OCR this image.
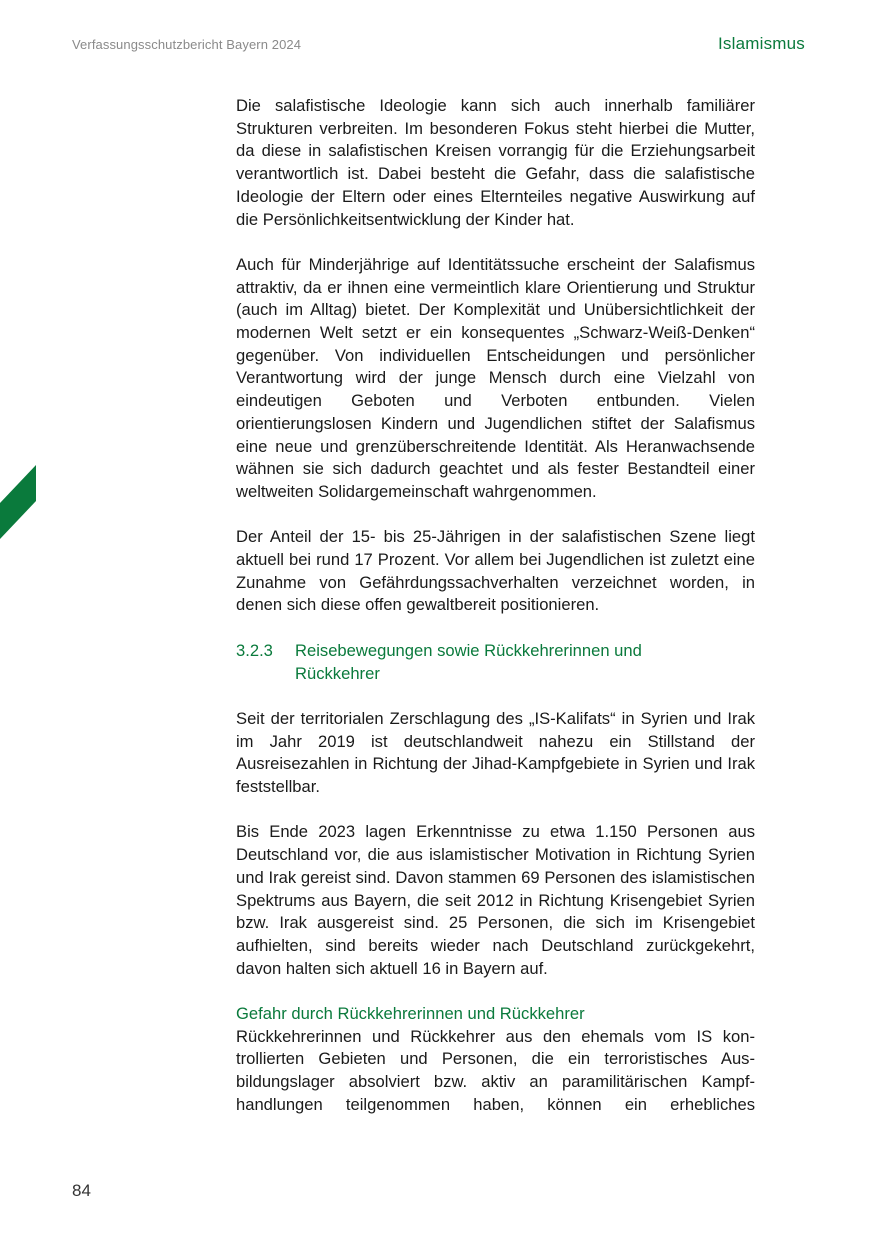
Verfassungsschutzbericht Bayern 2024	Islamismus

Die salafistische Ideologie kann sich auch innerhalb familiärer Strukturen verbreiten. Im besonderen Fokus steht hierbei die Mutter, da diese in salafistischen Kreisen vorrangig für die Erziehungsarbeit verantwortlich ist. Dabei besteht die Gefahr, dass die salafistische Ideologie der Eltern oder eines Elternteiles negative Auswirkung auf die Persönlichkeitsentwicklung der Kinder hat.

Auch für Minderjährige auf Identitätssuche erscheint der Salafismus attraktiv, da er ihnen eine vermeintlich klare Orientierung und Struktur (auch im Alltag) bietet. Der Komplexität und Unübersichtlichkeit der modernen Welt setzt er ein konsequentes „Schwarz-Weiß-Denken“ gegenüber. Von individuellen Entscheidungen und persönlicher Verantwortung wird der junge Mensch durch eine Vielzahl von eindeutigen Geboten und Verboten entbunden. Vielen orientierungslosen Kindern und Jugendlichen stiftet der Salafismus eine neue und grenzüberschreitende Identität. Als Heranwachsende wähnen sie sich dadurch geachtet und als fester Bestandteil einer weltweiten Solidargemeinschaft wahrgenommen.

Der Anteil der 15- bis 25-Jährigen in der salafistischen Szene liegt aktuell bei rund 17 Prozent. Vor allem bei Jugendlichen ist zuletzt eine Zunahme von Gefährdungssachverhalten verzeichnet worden, in denen sich diese offen gewaltbereit positionieren.

3.2.3	Reisebewegungen sowie Rückkehrerinnen und Rückkehrer

Seit der territorialen Zerschlagung des „IS-Kalifats“ in Syrien und Irak im Jahr 2019 ist deutschlandweit nahezu ein Stillstand der Ausreisezahlen in Richtung der Jihad-Kampfgebiete in Syrien und Irak feststellbar.

Bis Ende 2023 lagen Erkenntnisse zu etwa 1.150 Personen aus Deutschland vor, die aus islamistischer Motivation in Richtung Syrien und Irak gereist sind. Davon stammen 69 Personen des islamistischen Spektrums aus Bayern, die seit 2012 in Richtung Krisengebiet Syrien bzw. Irak ausgereist sind. 25 Personen, die sich im Krisengebiet aufhielten, sind bereits wieder nach Deutschland zurückgekehrt, davon halten sich aktuell 16 in Bayern auf.

Gefahr durch Rückkehrerinnen und Rückkehrer

Rückkehrerinnen und Rückkehrer aus den ehemals vom IS kontrollierten Gebieten und Personen, die ein terroristisches Ausbildungslager absolviert bzw. aktiv an paramilitärischen Kampfhandlungen teilgenommen haben, können ein erhebliches

84
